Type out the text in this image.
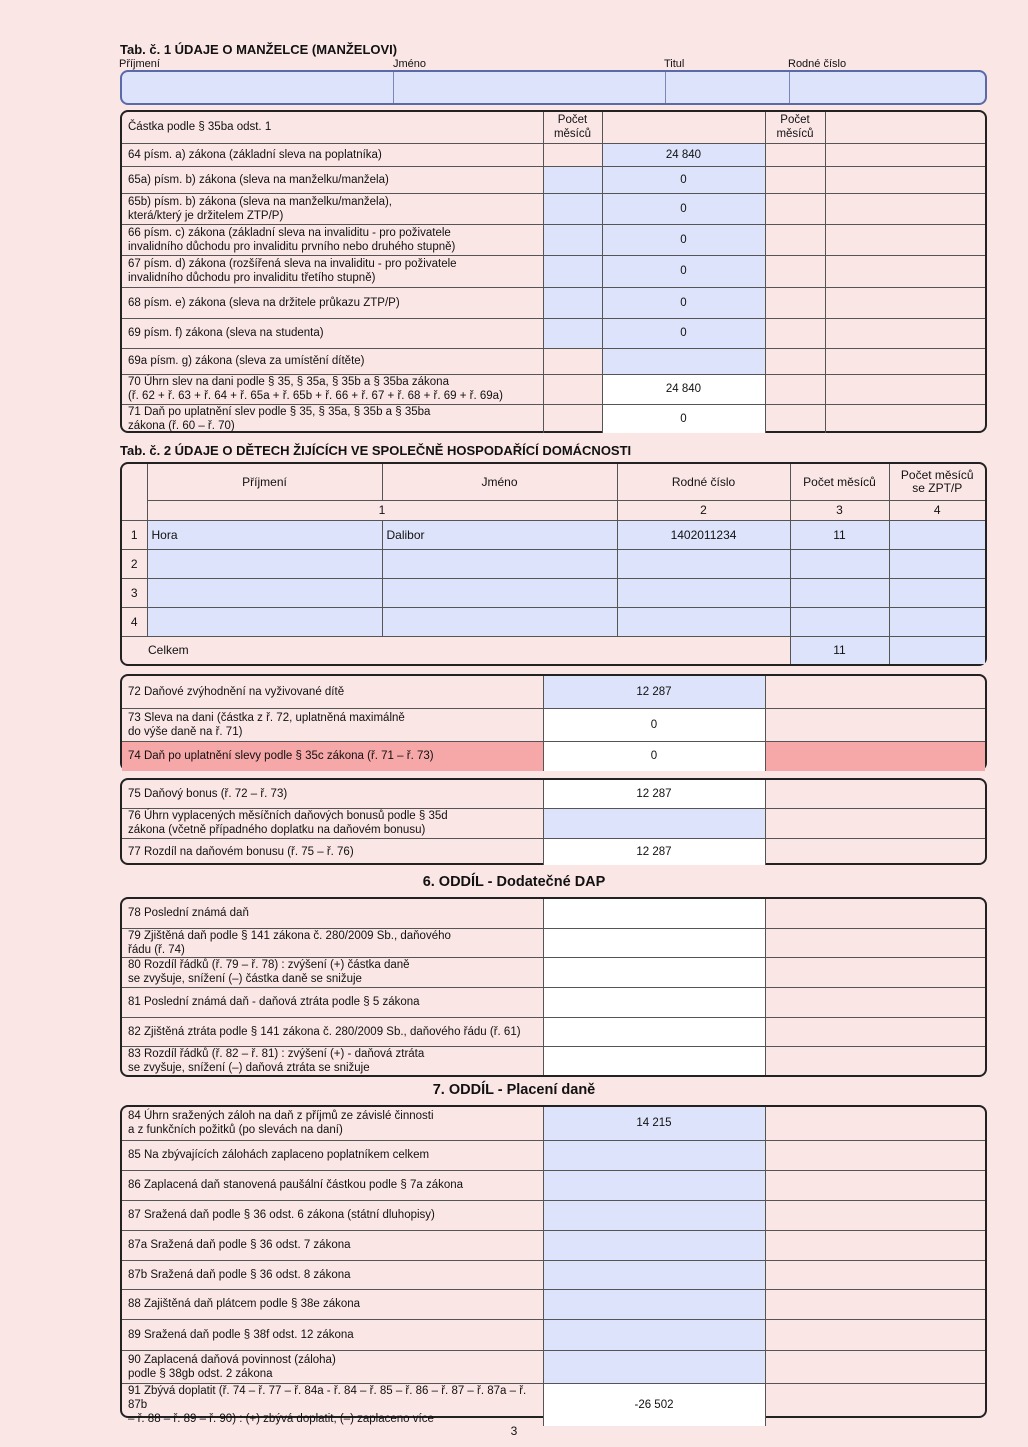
Tab. č. 1 ÚDAJE O MANŽELCE (MANŽELOVI)
Příjmení	Jméno	Titul	Rodné číslo
Částka podle § 35ba odst. 1	Počet
měsíců		Počet
měsíců	
64 písm. a) zákona (základní sleva na poplatníka)		24 840		
65a) písm. b) zákona (sleva na manželku/manžela)		0		
65b) písm. b) zákona (sleva na manželku/manžela),
která/který je držitelem ZTP/P)		0		
66 písm. c) zákona (základní sleva na invaliditu - pro poživatele
invalidního důchodu pro invaliditu prvního nebo druhého stupně)		0		
67 písm. d) zákona (rozšířená sleva na invaliditu - pro poživatele
invalidního důchodu pro invaliditu třetího stupně)		0		
68 písm. e) zákona (sleva na držitele průkazu ZTP/P)		0		
69 písm. f) zákona (sleva na studenta)		0		
69a písm. g) zákona (sleva za umístění dítěte)				
70 Úhrn slev na dani podle § 35, § 35a, § 35b a § 35ba zákona
(ř. 62 + ř. 63 + ř. 64 + ř. 65a + ř. 65b + ř. 66 + ř. 67 + ř. 68 + ř. 69 + ř. 69a)		24 840		
71 Daň po uplatnění slev podle § 35, § 35a, § 35b a § 35ba
zákona (ř. 60 – ř. 70)		0		
Tab. č. 2 ÚDAJE O DĚTECH ŽIJÍCÍCH VE SPOLEČNĚ HOSPODAŘÍCÍ DOMÁCNOSTI
	Příjmení	Jméno	Rodné číslo	Počet měsíců	Počet měsíců
se ZPT/P
	1		2	3	4
1	Hora	Dalibor	1402011234	11	
2					
3					
4					
Celkem				11	
72 Daňové zvýhodnění na vyživované dítě	12 287	
73 Sleva na dani (částka z ř. 72, uplatněná maximálně
do výše daně na ř. 71)	0	
74 Daň po uplatnění slevy podle § 35c zákona (ř. 71 – ř. 73)	0	
75 Daňový bonus (ř. 72 – ř. 73)	12 287	
76 Úhrn vyplacených měsíčních daňových bonusů podle § 35d
zákona (včetně případného doplatku na daňovém bonusu)		
77 Rozdíl na daňovém bonusu (ř. 75 – ř. 76)	12 287	
6. ODDÍL - Dodatečné DAP
78 Poslední známá daň		
79 Zjištěná daň podle § 141 zákona č. 280/2009 Sb., daňového
řádu (ř. 74)		
80 Rozdíl řádků (ř. 79 – ř. 78) : zvýšení (+) částka daně
se zvyšuje, snížení (–) částka daně se snižuje		
81 Poslední známá daň - daňová ztráta podle § 5 zákona		
82 Zjištěná ztráta podle § 141 zákona č. 280/2009 Sb., daňového řádu (ř. 61)		
83 Rozdíl řádků (ř. 82 – ř. 81) : zvýšení (+) - daňová ztráta
se zvyšuje, snížení (–) daňová ztráta se snižuje		
7. ODDÍL - Placení daně
84 Úhrn sražených záloh na daň z příjmů ze závislé činnosti
a z funkčních požitků (po slevách na daní)	14 215	
85 Na zbývajících zálohách zaplaceno poplatníkem celkem		
86 Zaplacená daň stanovená paušální částkou podle § 7a zákona		
87 Sražená daň podle § 36 odst. 6 zákona (státní dluhopisy)		
87a Sražená daň podle § 36 odst. 7 zákona		
87b Sražená daň podle § 36 odst. 8 zákona		
88 Zajištěná daň plátcem podle § 38e zákona		
89 Sražená daň podle § 38f odst. 12 zákona		
90 Zaplacená daňová povinnost (záloha)
podle § 38gb odst. 2 zákona		
91 Zbývá doplatit (ř. 74 – ř. 77 – ř. 84a - ř. 84 – ř. 85 – ř. 86 – ř. 87 – ř. 87a – ř. 87b
– ř. 88 – ř. 89 – ř. 90) : (+) zbývá doplatit, (–) zaplaceno více	-26 502	
3
